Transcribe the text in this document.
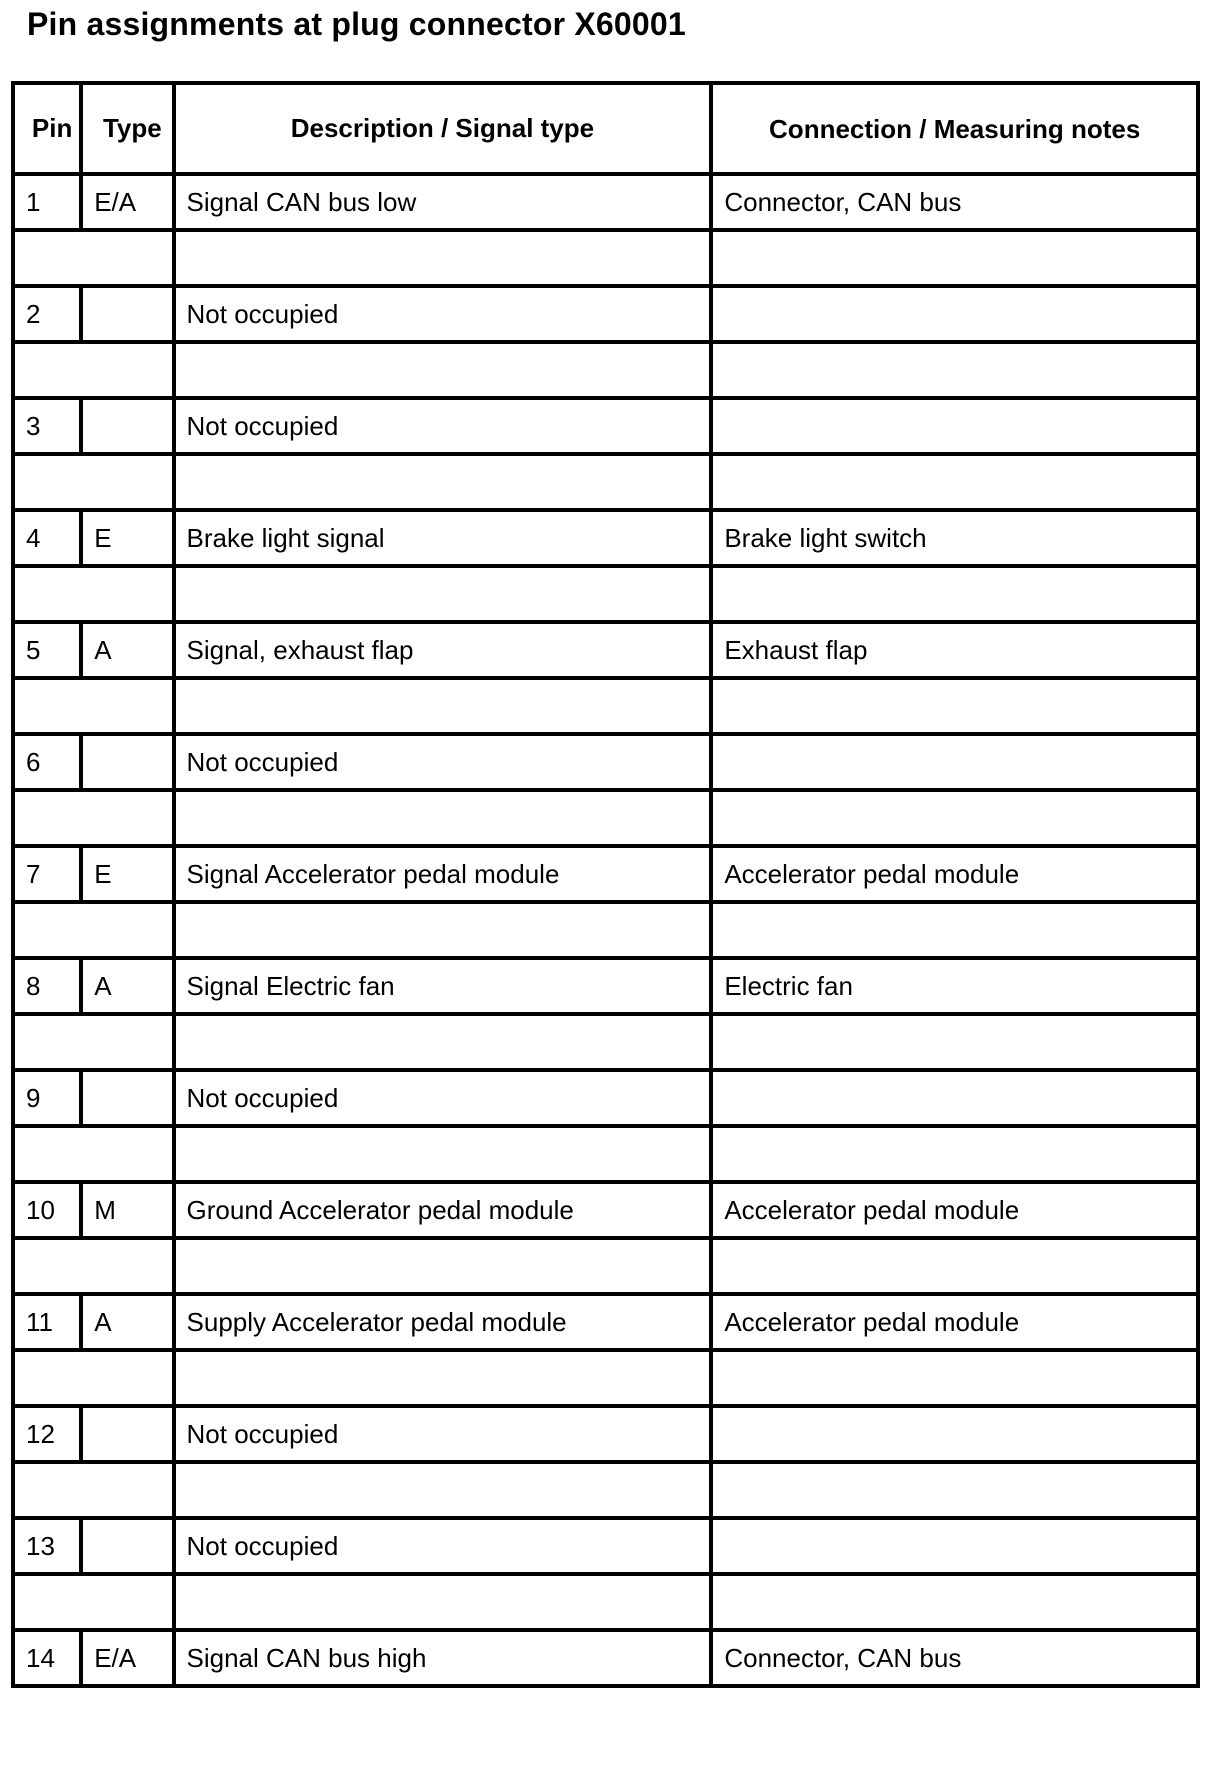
Pin assignments at plug connector X60001
Pin	Type	Description / Signal type	Connection / Measuring notes
1	E/A	Signal CAN bus low	Connector, CAN bus

2		Not occupied	

3		Not occupied	

4	E	Brake light signal	Brake light switch

5	A	Signal, exhaust flap	Exhaust flap

6		Not occupied	

7	E	Signal Accelerator pedal module	Accelerator pedal module

8	A	Signal Electric fan	Electric fan

9		Not occupied	

10	M	Ground Accelerator pedal module	Accelerator pedal module

11	A	Supply Accelerator pedal module	Accelerator pedal module

12		Not occupied	

13		Not occupied	

14	E/A	Signal CAN bus high	Connector, CAN bus
